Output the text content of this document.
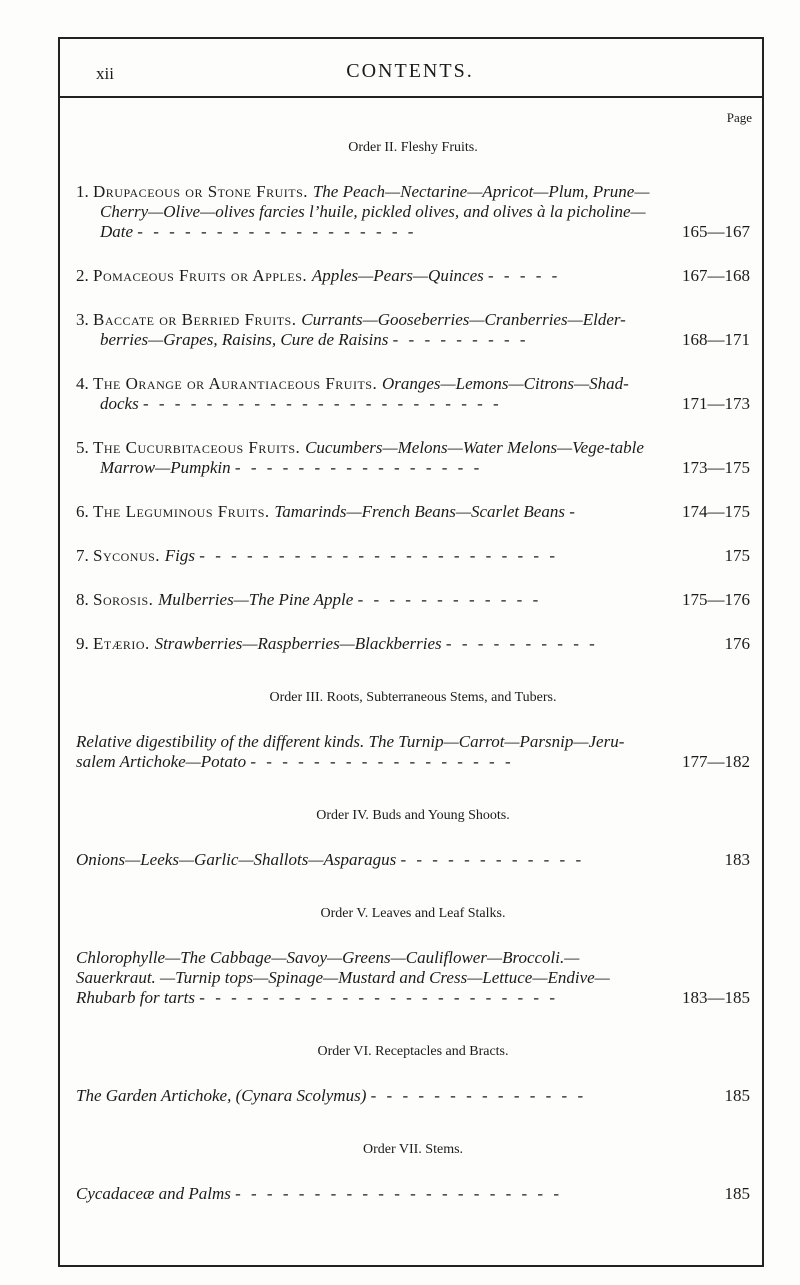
xii	CONTENTS.
Page
Order II. Fleshy Fruits.
1. Drupaceous or Stone Fruits. The Peach—Nectarine—Apricot—Plum, Prune—Cherry—Olive—olives farcies l’huile, pickled olives, and olives à la picholine—Date - - - - - - - - - - - - - - - - - -	165—167
2. Pomaceous Fruits or Apples. Apples—Pears—Quinces - - - - -	167—168
3. Baccate or Berried Fruits. Currants—Gooseberries—Cranberries—Elder-berries—Grapes, Raisins, Cure de Raisins - - - - - - - - -	168—171
4. The Orange or Aurantiaceous Fruits. Oranges—Lemons—Citrons—Shad-docks - - - - - - - - - - - - - - - - - - - - - - -	171—173
5. The Cucurbitaceous Fruits. Cucumbers—Melons—Water Melons—Vege-table Marrow—Pumpkin - - - - - - - - - - - - - - - -	173—175
6. The Leguminous Fruits. Tamarinds—French Beans—Scarlet Beans -	174—175
7. Syconus. Figs - - - - - - - - - - - - - - - - - - - - - - -	175
8. Sorosis. Mulberries—The Pine Apple - - - - - - - - - - - -	175—176
9. Etærio. Strawberries—Raspberries—Blackberries - - - - - - - - - -	176
Order III. Roots, Subterraneous Stems, and Tubers.
Relative digestibility of the different kinds. The Turnip—Carrot—Parsnip—Jeru-salem Artichoke—Potato - - - - - - - - - - - - - - - - -	177—182
Order IV. Buds and Young Shoots.
Onions—Leeks—Garlic—Shallots—Asparagus - - - - - - - - - - - -	183
Order V. Leaves and Leaf Stalks.
Chlorophylle—The Cabbage—Savoy—Greens—Cauliflower—Broccoli.—Sauerkraut. —Turnip tops—Spinage—Mustard and Cress—Lettuce—Endive—Rhubarb for tarts - - - - - - - - - - - - - - - - - - - - - - -	183—185
Order VI. Receptacles and Bracts.
The Garden Artichoke, (Cynara Scolymus) - - - - - - - - - - - - - -	185
Order VII. Stems.
Cycadaceæ and Palms - - - - - - - - - - - - - - - - - - - - -	185
